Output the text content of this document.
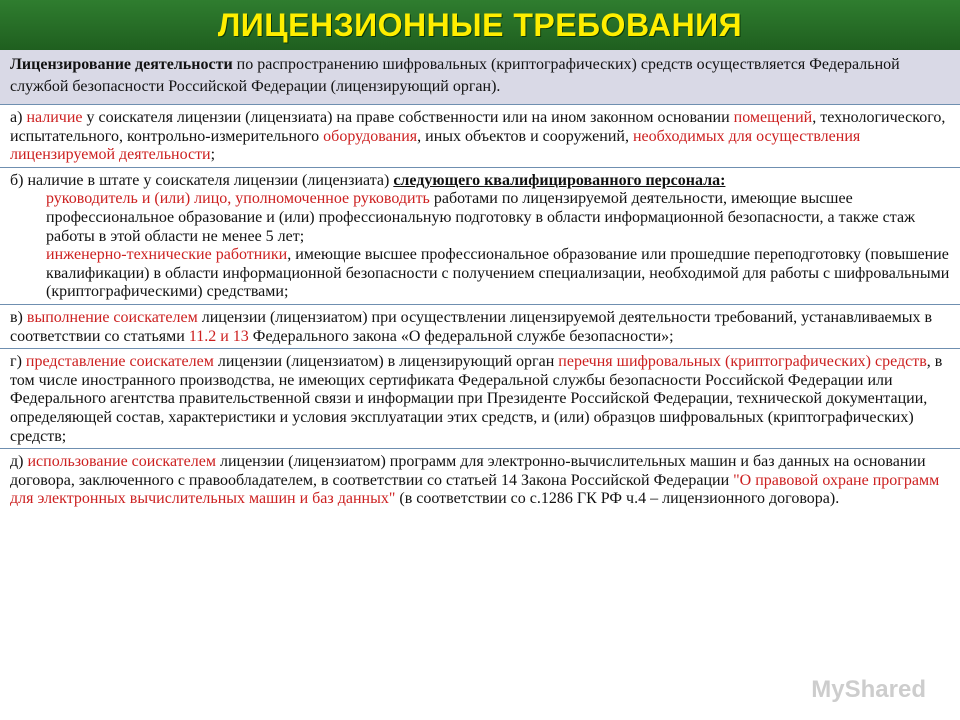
ЛИЦЕНЗИОННЫЕ ТРЕБОВАНИЯ
Лицензирование деятельности по распространению шифровальных (криптографических) средств осуществляется Федеральной службой безопасности Российской Федерации (лицензирующий орган).
а) наличие у соискателя лицензии (лицензиата) на праве собственности или на ином законном основании помещений, технологического, испытательного, контрольно-измерительного оборудования, иных объектов и сооружений, необходимых для осуществления лицензируемой деятельности;
б) наличие в штате у соискателя лицензии (лицензиата) следующего квалифицированного персонала:
руководитель и (или) лицо, уполномоченное руководить работами по лицензируемой деятельности, имеющие высшее профессиональное образование и (или) профессиональную подготовку в области информационной безопасности, а также стаж работы в этой области не менее 5 лет;
инженерно-технические работники, имеющие высшее профессиональное образование или прошедшие переподготовку (повышение квалификации) в области информационной безопасности с получением специализации, необходимой для работы с шифровальными (криптографическими) средствами;
в) выполнение соискателем лицензии (лицензиатом) при осуществлении лицензируемой деятельности требований, устанавливаемых в соответствии со статьями 11.2 и 13 Федерального закона «О федеральной службе безопасности»;
г) представление соискателем лицензии (лицензиатом) в лицензирующий орган перечня шифровальных (криптографических) средств, в том числе иностранного производства, не имеющих сертификата Федеральной службы безопасности Российской Федерации или Федерального агентства правительственной связи и информации при Президенте Российской Федерации, технической документации, определяющей состав, характеристики и условия эксплуатации этих средств, и (или) образцов шифровальных (криптографических) средств;
д) использование соискателем лицензии (лицензиатом) программ для электронно-вычислительных машин и баз данных на основании договора, заключенного с правообладателем, в соответствии со статьей 14 Закона Российской Федерации "О правовой охране программ для электронных вычислительных машин и баз данных" (в соответствии со с.1286 ГК РФ ч.4 – лицензионного договора).
MyShared
